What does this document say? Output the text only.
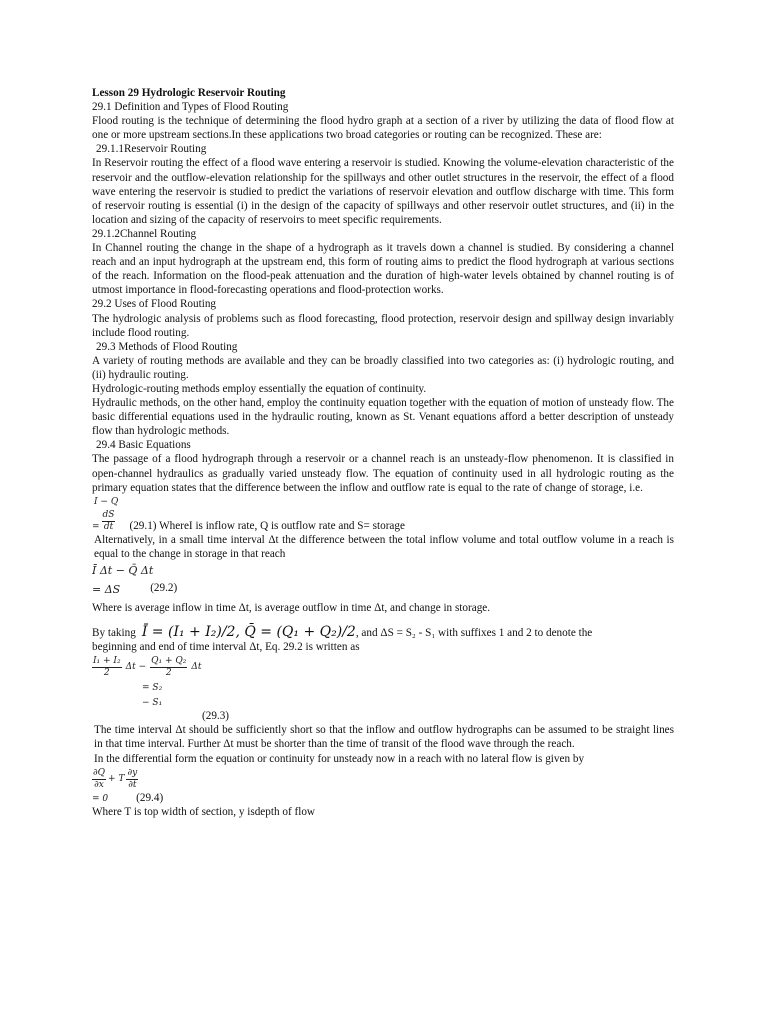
Lesson 29 Hydrologic Reservoir Routing

29.1 Definition and Types of Flood Routing

Flood routing is the technique of determining the flood hydro graph at a section of a river by utilizing the data of flood flow at one or more upstream sections.In these applications two broad categories or routing can be recognized. These are:

29.1.1Reservoir Routing

In Reservoir routing the effect of a flood wave entering a reservoir is studied. Knowing the volume-elevation characteristic of the reservoir and the outflow-elevation relationship for the spillways and other outlet structures in the reservoir, the effect of a flood wave entering the reservoir is studied to predict the variations of reservoir elevation and outflow discharge with time. This form of reservoir routing is essential (i) in the design of the capacity of spillways and other reservoir outlet structures, and (ii) in the location and sizing of the capacity of reservoirs to meet specific requirements.

29.1.2Channel Routing

In Channel routing the change in the shape of a hydrograph as it travels down a channel is studied. By considering a channel reach and an input hydrograph at the upstream end, this form of routing aims to predict the flood hydrograph at various sections of the reach. Information on the flood-peak attenuation and the duration of high-water levels obtained by channel routing is of utmost importance in flood-forecasting operations and flood-protection works.

29.2 Uses of Flood Routing

The hydrologic analysis of problems such as flood forecasting, flood protection, reservoir design and spillway design invariably include flood routing.

29.3 Methods of Flood Routing

A variety of routing methods are available and they can be broadly classified into two categories as: (i) hydrologic routing, and (ii) hydraulic routing.

Hydrologic-routing methods employ essentially the equation of continuity.

Hydraulic methods, on the other hand, employ the continuity equation together with the equation of motion of unsteady flow. The basic differential equations used in the hydraulic routing, known as St. Venant equations afford a better description of unsteady flow than hydrologic methods.

29.4 Basic Equations

The passage of a flood hydrograph through a reservoir or a channel reach is an unsteady-flow phenomenon. It is classified in open-channel hydraulics as gradually varied unsteady flow. The equation of continuity used in all hydrologic routing as the primary equation states that the difference between the inflow and outflow rate is equal to the rate of change of storage, i.e.

I − Q
= $\frac{dS}{dt} (29.1)$ WhereI is inflow rate, Q is outflow rate and S= storage

Alternatively, in a small time interval Δt the difference between the total inflow volume and total outflow volume in a reach is equal to the change in storage in that reach

Ī Δt − Q̄ Δt
= ΔS	(29.2)

Where is average inflow in time Δt, is average outflow in time Δt, and change in storage.

By taking Ī = (I₁ + I₂)/2, Q̄ = (Q₁ + Q₂)/2 , and ΔS = S₂ - S₁ with suffixes 1 and 2 to denote the

beginning and end of time interval Δt, Eq. 29.2 is written as

$\frac{\text{I₁ + I₂}}{2}$ $\Delta t - \frac{\text{Q₁ + Q₂}}{2}$ Δt
= S₂
− S₁
(29.3)

The time interval Δt should be sufficiently short so that the inflow and outflow hydrographs can be assumed to be straight lines in that time interval. Further Δt must be shorter than the time of transit of the flood wave through the reach.

In the differential form the equation or continuity for unsteady now in a reach with no lateral flow is given by

$\frac{\partial Q}{\partial x} + T \frac{\partial y}{\partial t}$
= 0	(29.4)

Where T is top width of section, y isdepth of flow
